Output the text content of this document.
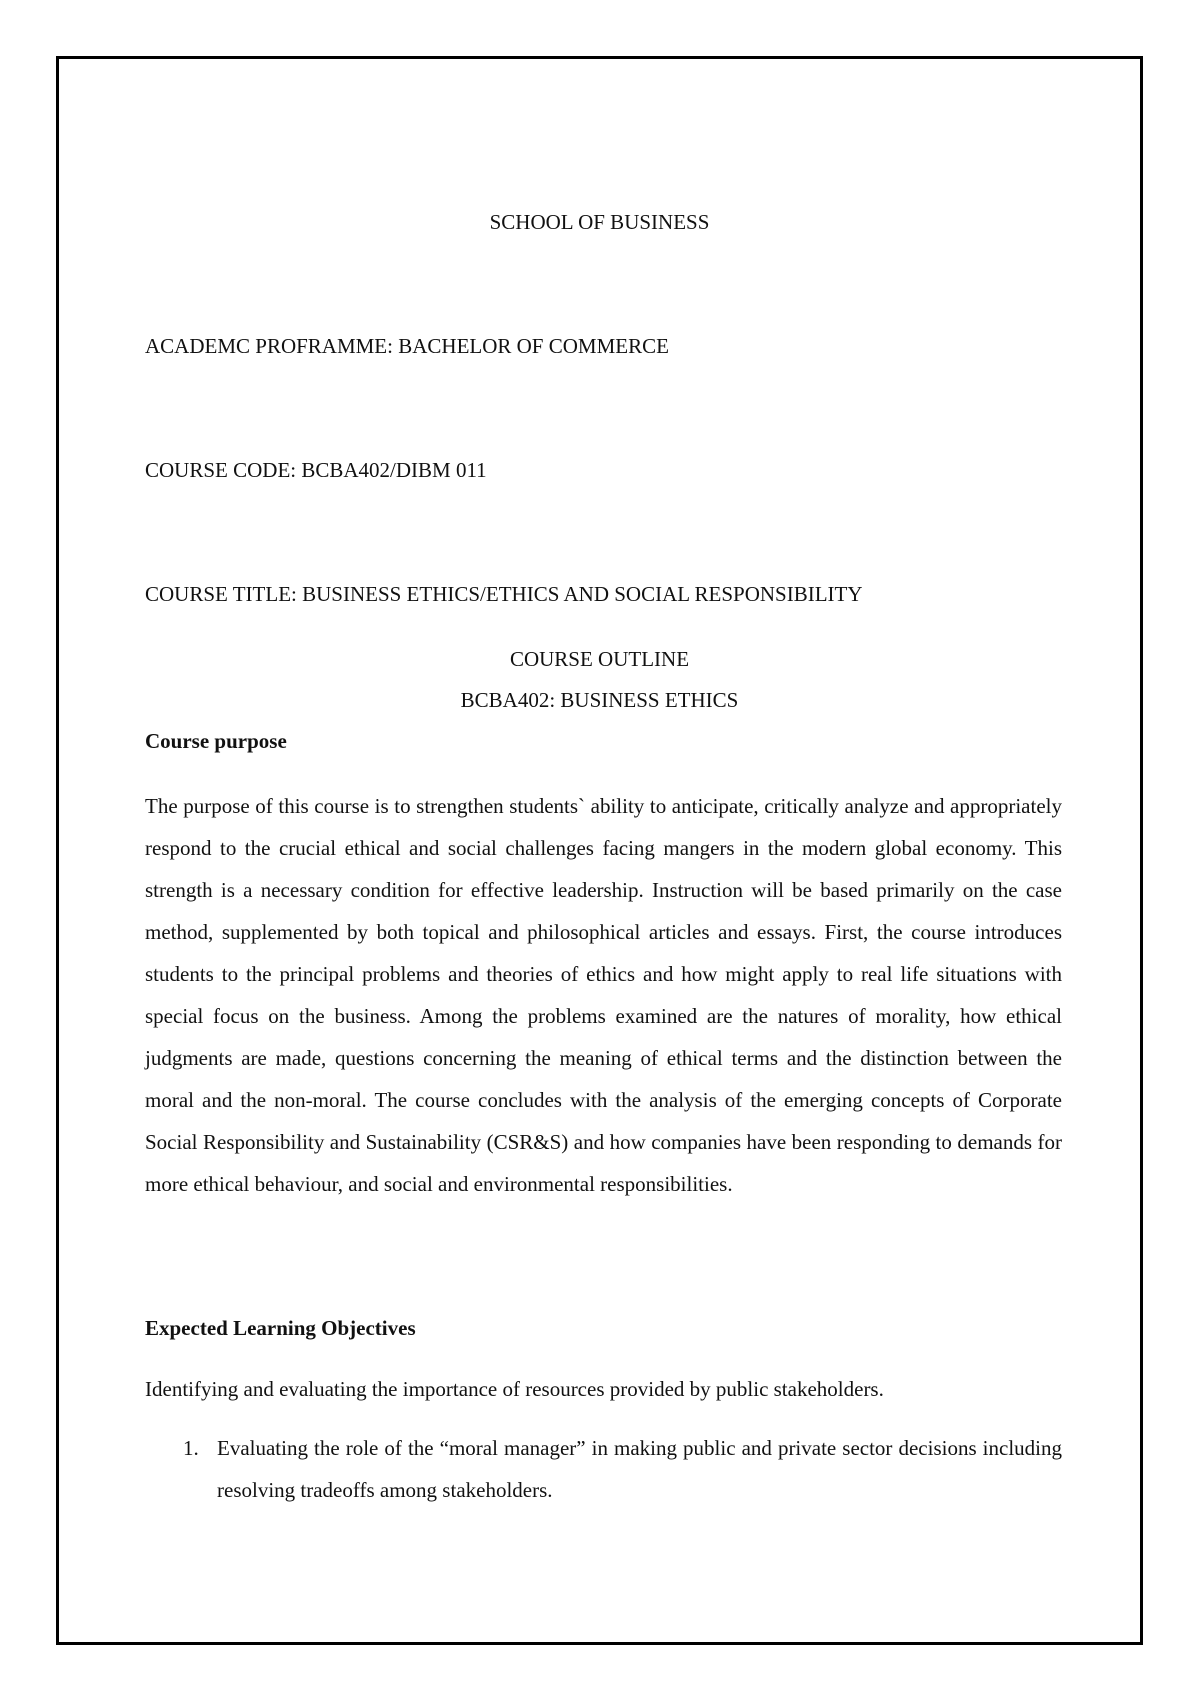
SCHOOL OF BUSINESS
ACADEMC PROFRAMME: BACHELOR OF COMMERCE
COURSE CODE: BCBA402/DIBM 011
COURSE TITLE: BUSINESS ETHICS/ETHICS AND SOCIAL RESPONSIBILITY
COURSE OUTLINE
BCBA402: BUSINESS ETHICS
Course purpose
The purpose of this course is to strengthen students` ability to anticipate, critically analyze and appropriately respond to the crucial ethical and social challenges facing mangers in the modern global economy. This strength is a necessary condition for effective leadership. Instruction will be based primarily on the case method, supplemented by both topical and philosophical articles and essays. First, the course introduces students to the principal problems and theories of ethics and how might apply to real life situations with special focus on the business. Among the problems examined are the natures of morality, how ethical judgments are made, questions concerning the meaning of ethical terms and the distinction between the moral and the non-moral. The course concludes with the analysis of the emerging concepts of Corporate Social Responsibility and Sustainability (CSR&S) and how companies have been responding to demands for more ethical behaviour, and social and environmental responsibilities.
Expected Learning Objectives
Identifying and evaluating the importance of resources provided by public stakeholders.
1. Evaluating the role of the “moral manager” in making public and private sector decisions including resolving tradeoffs among stakeholders.
